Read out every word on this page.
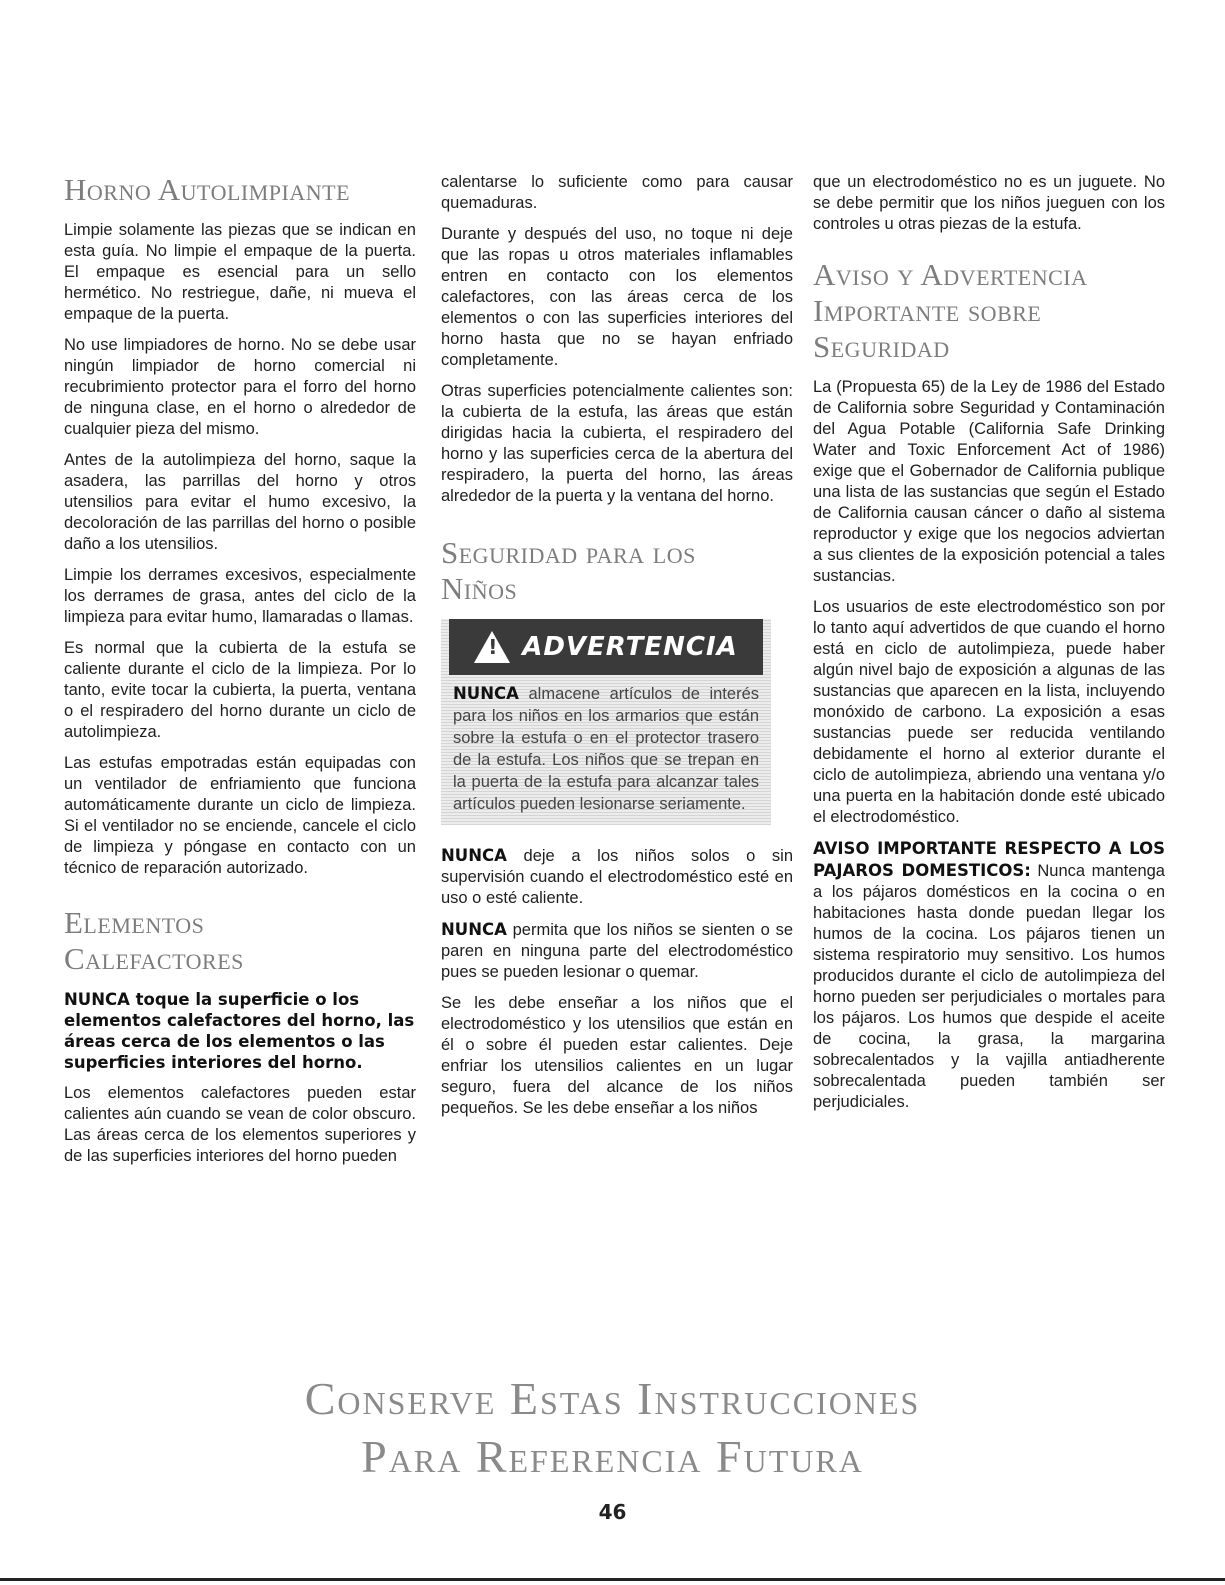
Horno Autolimpiante

Limpie solamente las piezas que se indican en esta guía. No limpie el empaque de la puerta. El empaque es esencial para un sello hermético. No restriegue, dañe, ni mueva el empaque de la puerta.

No use limpiadores de horno. No se debe usar ningún limpiador de horno comercial ni recubrimiento protector para el forro del horno de ninguna clase, en el horno o alrededor de cualquier pieza del mismo.

Antes de la autolimpieza del horno, saque la asadera, las parrillas del horno y otros utensilios para evitar el humo excesivo, la decoloración de las parrillas del horno o posible daño a los utensilios.

Limpie los derrames excesivos, especialmente los derrames de grasa, antes del ciclo de la limpieza para evitar humo, llamaradas o llamas.

Es normal que la cubierta de la estufa se caliente durante el ciclo de la limpieza. Por lo tanto, evite tocar la cubierta, la puerta, ventana o el respiradero del horno durante un ciclo de autolimpieza.

Las estufas empotradas están equipadas con un ventilador de enfriamiento que funciona automáticamente durante un ciclo de limpieza. Si el ventilador no se enciende, cancele el ciclo de limpieza y póngase en contacto con un técnico de reparación autorizado.

Elementos Calefactores

NUNCA toque la superficie o los elementos calefactores del horno, las áreas cerca de los elementos o las superficies interiores del horno.

Los elementos calefactores pueden estar calientes aún cuando se vean de color obscuro. Las áreas cerca de los elementos superiores y de las superficies interiores del horno pueden

calentarse lo suficiente como para causar quemaduras.

Durante y después del uso, no toque ni deje que las ropas u otros materiales inflamables entren en contacto con los elementos calefactores, con las áreas cerca de los elementos o con las superficies interiores del horno hasta que no se hayan enfriado completamente.

Otras superficies potencialmente calientes son: la cubierta de la estufa, las áreas que están dirigidas hacia la cubierta, el respiradero del horno y las superficies cerca de la abertura del respiradero, la puerta del horno, las áreas alrededor de la puerta y la ventana del horno.

Seguridad para los Niños
! ADVERTENCIA
NUNCA almacene artículos de interés para los niños en los armarios que están sobre la estufa o en el protector trasero de la estufa. Los niños que se trepan en la puerta de la estufa para alcanzar tales artículos pueden lesionarse seriamente.

NUNCA deje a los niños solos o sin supervisión cuando el electrodoméstico esté en uso o esté caliente.

NUNCA permita que los niños se sienten o se paren en ninguna parte del electrodoméstico pues se pueden lesionar o quemar.

Se les debe enseñar a los niños que el electrodoméstico y los utensilios que están en él o sobre él pueden estar calientes. Deje enfriar los utensilios calientes en un lugar seguro, fuera del alcance de los niños pequeños. Se les debe enseñar a los niños

que un electrodoméstico no es un juguete. No se debe permitir que los niños jueguen con los controles u otras piezas de la estufa.

Aviso y Advertencia Importante sobre Seguridad

La (Propuesta 65) de la Ley de 1986 del Estado de California sobre Seguridad y Contaminación del Agua Potable (California Safe Drinking Water and Toxic Enforcement Act of 1986) exige que el Gobernador de California publique una lista de las sustancias que según el Estado de California causan cáncer o daño al sistema reproductor y exige que los negocios adviertan a sus clientes de la exposición potencial a tales sustancias.

Los usuarios de este electrodoméstico son por lo tanto aquí advertidos de que cuando el horno está en ciclo de autolimpieza, puede haber algún nivel bajo de exposición a algunas de las sustancias que aparecen en la lista, incluyendo monóxido de carbono. La exposición a esas sustancias puede ser reducida ventilando debidamente el horno al exterior durante el ciclo de autolimpieza, abriendo una ventana y/o una puerta en la habitación donde esté ubicado el electrodoméstico.

AVISO IMPORTANTE RESPECTO A LOS PAJAROS DOMESTICOS: Nunca mantenga a los pájaros domésticos en la cocina o en habitaciones hasta donde puedan llegar los humos de la cocina. Los pájaros tienen un sistema respiratorio muy sensitivo. Los humos producidos durante el ciclo de autolimpieza del horno pueden ser perjudiciales o mortales para los pájaros. Los humos que despide el aceite de cocina, la grasa, la margarina sobrecalentados y la vajilla antiadherente sobrecalentada pueden también ser perjudiciales.

Conserve Estas Instrucciones
Para Referencia Futura
46
